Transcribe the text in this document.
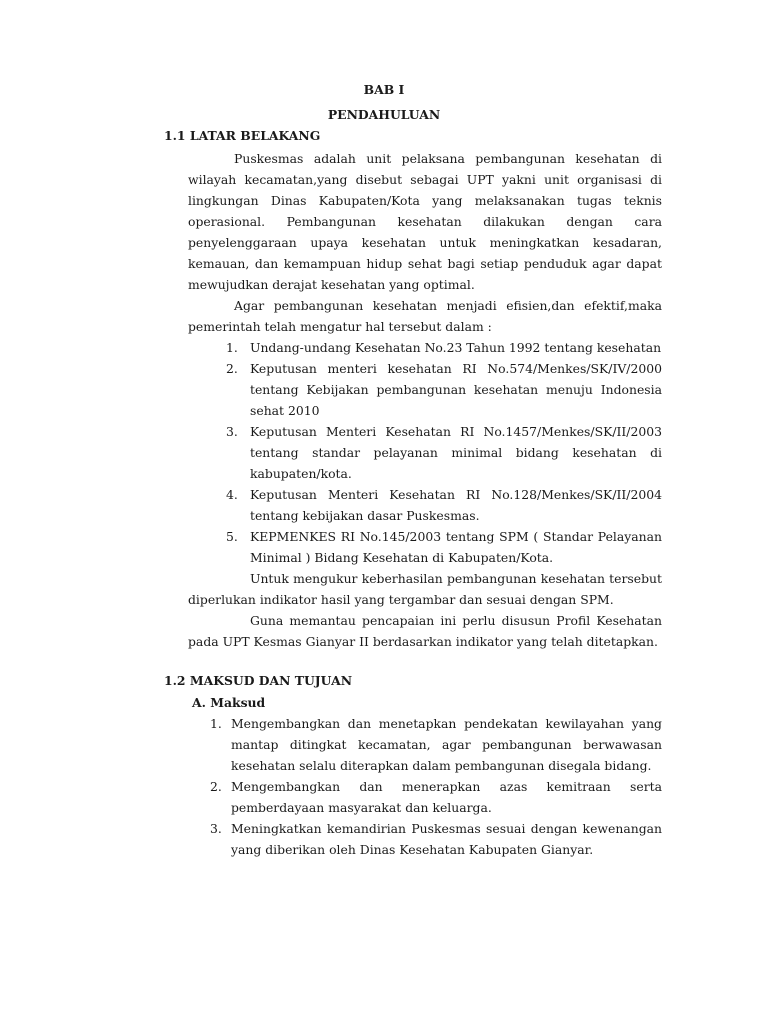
BAB I
PENDAHULUAN
1.1 LATAR BELAKANG

Puskesmas adalah unit pelaksana pembangunan kesehatan di wilayah kecamatan,yang disebut sebagai UPT yakni unit organisasi di lingkungan Dinas Kabupaten/Kota yang melaksanakan tugas teknis operasional. Pembangunan kesehatan dilakukan dengan cara penyelenggaraan upaya kesehatan untuk meningkatkan kesadaran, kemauan, dan kemampuan hidup sehat bagi setiap penduduk agar dapat mewujudkan derajat kesehatan yang optimal.

Agar pembangunan kesehatan menjadi efisien,dan efektif,maka pemerintah telah mengatur hal tersebut dalam :

1. Undang-undang Kesehatan No.23 Tahun 1992 tentang kesehatan
2. Keputusan menteri kesehatan RI No.574/Menkes/SK/IV/2000 tentang Kebijakan pembangunan kesehatan menuju Indonesia sehat 2010
3. Keputusan Menteri Kesehatan RI No.1457/Menkes/SK/II/2003 tentang standar pelayanan minimal bidang kesehatan di kabupaten/kota.
4. Keputusan Menteri Kesehatan RI No.128/Menkes/SK/II/2004 tentang kebijakan dasar Puskesmas.
5. KEPMENKES RI No.145/2003 tentang SPM ( Standar Pelayanan Minimal ) Bidang Kesehatan di Kabupaten/Kota.

Untuk mengukur keberhasilan pembangunan kesehatan tersebut diperlukan indikator hasil yang tergambar dan sesuai dengan SPM.

Guna memantau pencapaian ini perlu disusun Profil Kesehatan pada UPT Kesmas Gianyar II berdasarkan indikator yang telah ditetapkan.

1.2 MAKSUD DAN TUJUAN
A. Maksud
1. Mengembangkan dan menetapkan pendekatan kewilayahan yang mantap ditingkat kecamatan, agar pembangunan berwawasan kesehatan selalu diterapkan dalam pembangunan disegala bidang.
2. Mengembangkan dan menerapkan azas kemitraan serta pemberdayaan masyarakat dan keluarga.
3. Meningkatkan kemandirian Puskesmas sesuai dengan kewenangan yang diberikan oleh Dinas Kesehatan Kabupaten Gianyar.
